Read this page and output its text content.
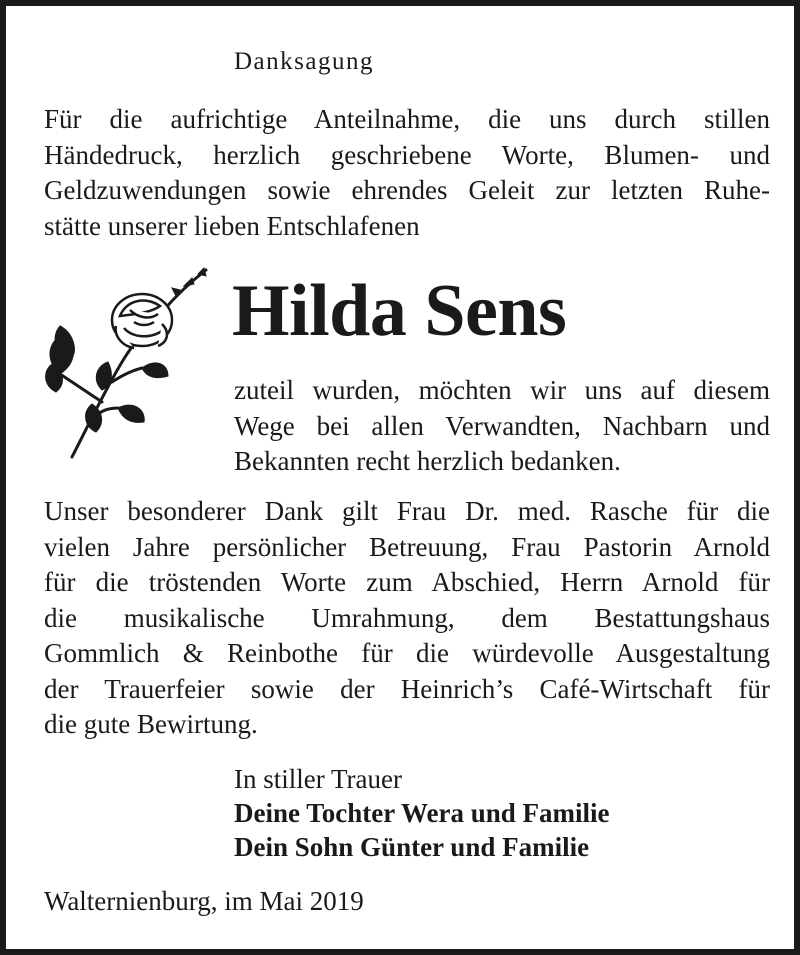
Danksagung
Für die aufrichtige Anteilnahme, die uns durch stillen
Händedruck, herzlich geschriebene Worte, Blumen- und
Geldzuwendungen sowie ehrendes Geleit zur letzten Ruhe-
stätte unserer lieben Entschlafenen
Hilda Sens
zuteil wurden, möchten wir uns auf diesem
Wege bei allen Verwandten, Nachbarn und
Bekannten recht herzlich bedanken.
Unser besonderer Dank gilt Frau Dr. med. Rasche für die
vielen Jahre persönlicher Betreuung, Frau Pastorin Arnold
für die tröstenden Worte zum Abschied, Herrn Arnold für
die musikalische Umrahmung, dem Bestattungshaus
Gommlich & Reinbothe für die würdevolle Ausgestaltung
der Trauerfeier sowie der Heinrich’s Café-Wirtschaft für
die gute Bewirtung.
In stiller Trauer
Deine Tochter Wera und Familie
Dein Sohn Günter und Familie
Walternienburg, im Mai 2019
